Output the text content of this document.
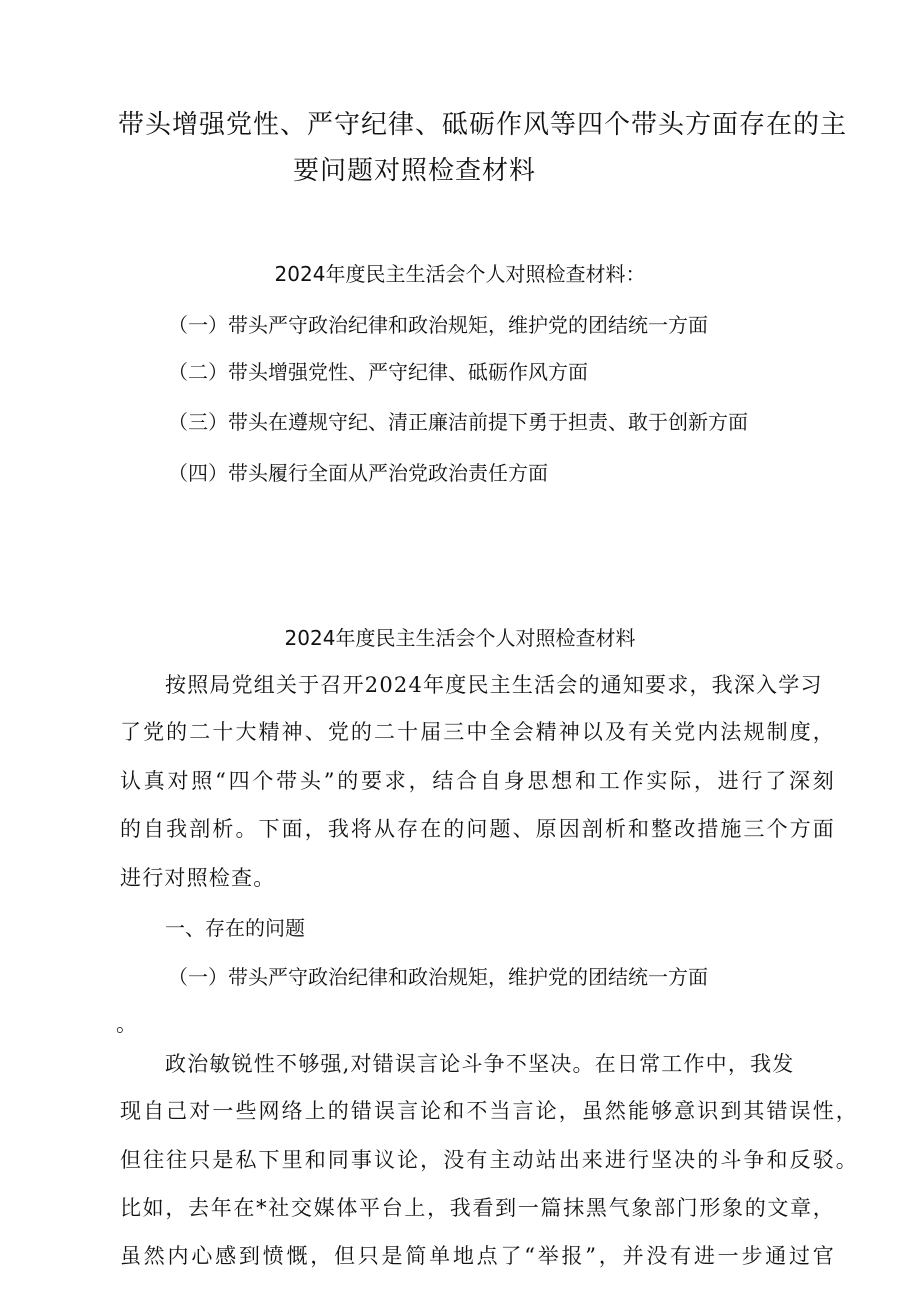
带头增强党性、严守纪律、砥砺作风等四个带头方面存在的主
要问题对照检查材料
2024年度民主生活会个人对照检查材料：
（一）带头严守政治纪律和政治规矩，维护党的团结统一方面
（二）带头增强党性、严守纪律、砥砺作风方面
（三）带头在遵规守纪、清正廉洁前提下勇于担责、敢于创新方面
（四）带头履行全面从严治党政治责任方面
2024年度民主生活会个人对照检查材料
按照局党组关于召开2024年度民主生活会的通知要求，我深入学习
了党的二十大精神、党的二十届三中全会精神以及有关党内法规制度，
认真对照“四个带头”的要求，结合自身思想和工作实际，进行了深刻
的自我剖析。下面，我将从存在的问题、原因剖析和整改措施三个方面
进行对照检查。
一、存在的问题
（一）带头严守政治纪律和政治规矩，维护党的团结统一方面
。
政治敏锐性不够强,对错误言论斗争不坚决。在日常工作中，我发
现自己对一些网络上的错误言论和不当言论，虽然能够意识到其错误性，
但往往只是私下里和同事议论，没有主动站出来进行坚决的斗争和反驳。
比如，去年在*社交媒体平台上，我看到一篇抹黑气象部门形象的文章，
虽然内心感到愤慨，但只是简单地点了“举报”，并没有进一步通过官
